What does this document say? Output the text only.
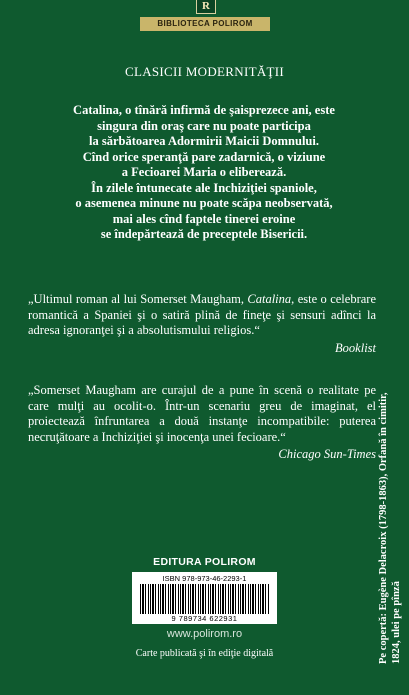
R
BIBLIOTECA POLIROM
CLASICII MODERNITĂŢII
Catalina, o tînără infirmă de şaisprezece ani, este
singura din oraş care nu poate participa
la sărbătoarea Adormirii Maicii Domnului.
Cînd orice speranţă pare zadarnică, o viziune
a Fecioarei Maria o eliberează.
În zilele întunecate ale Inchiziţiei spaniole,
o asemenea minune nu poate scăpa neobservată,
mai ales cînd faptele tinerei eroine
se îndepărtează de preceptele Bisericii.
„Ultimul roman al lui Somerset Maugham, Catalina, este o celebrare romantică a Spaniei şi o satiră plină de fineţe şi sensuri adînci la adresa ignoranţei şi a absolutismului religios.“
Booklist
„Somerset Maugham are curajul de a pune în scenă o realitate pe care mulţi au ocolit-o. Într-un scenariu greu de imaginat, el proiectează înfruntarea a două instanţe incompatibile: puterea necruţătoare a Inchiziţiei şi inocenţa unei fecioare.“
Chicago Sun-Times Pe copertă: Eugène Delacroix (1798-1863), Orfană în cimitir, 1824, ulei pe pînză
EDITURA POLIROM
ISBN 978-973-46-2293-1
9 789734 622931
www.polirom.ro
Carte publicată şi în ediţie digitală
